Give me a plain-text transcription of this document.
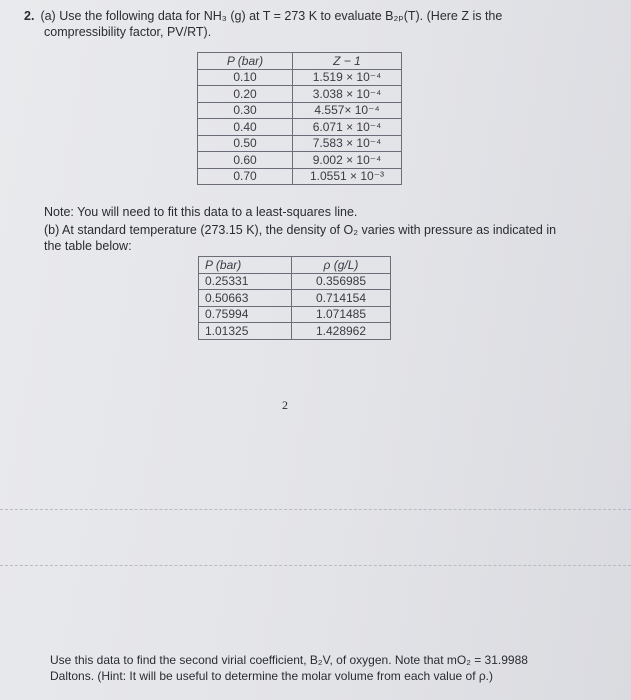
2. (a) Use the following data for NH₃ (g) at T = 273 K to evaluate B₂ₚ(T). (Here Z is the
compressibility factor, PV/RT).
P (bar)	Z − 1
0.10	1.519 × 10⁻⁴
0.20	3.038 × 10⁻⁴
0.30	4.557× 10⁻⁴
0.40	6.071 × 10⁻⁴
0.50	7.583 × 10⁻⁴
0.60	9.002 × 10⁻⁴
0.70	1.0551 × 10⁻³
Note: You will need to fit this data to a least-squares line.
(b) At standard temperature (273.15 K), the density of O₂ varies with pressure as indicated in
the table below:
P (bar)	ρ (g/L)
0.25331	0.356985
0.50663	0.714154
0.75994	1.071485
1.01325	1.428962
2
Use this data to find the second virial coefficient, B₂V, of oxygen. Note that mO₂ = 31.9988
Daltons. (Hint: It will be useful to determine the molar volume from each value of ρ.)
